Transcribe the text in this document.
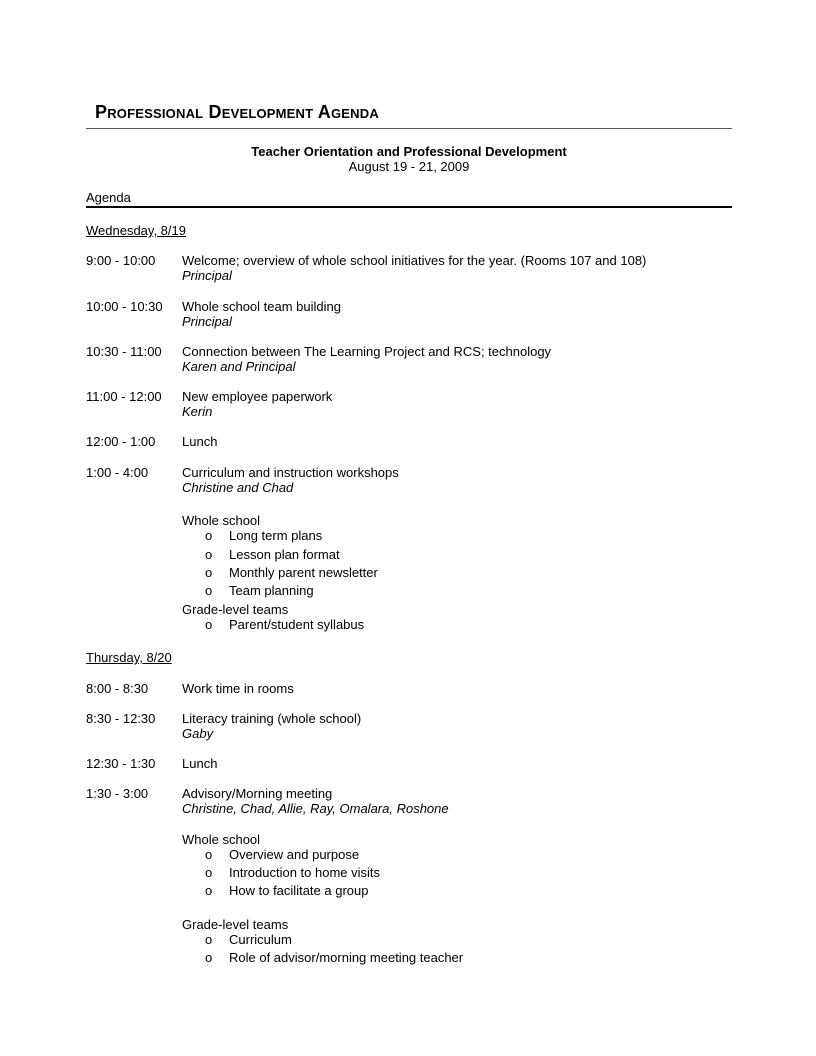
Professional Development Agenda
Teacher Orientation and Professional Development
August 19 - 21, 2009
Agenda
Wednesday, 8/19
9:00 - 10:00 Welcome; overview of whole school initiatives for the year. (Rooms 107 and 108)
Principal
10:00 - 10:30 Whole school team building
Principal
10:30 - 11:00 Connection between The Learning Project and RCS; technology
Karen and Principal
11:00 - 12:00 New employee paperwork
Kerin
12:00 - 1:00 Lunch
1:00 - 4:00	Curriculum and instruction workshops
Christine and Chad
Whole school
o Long term plans
o Lesson plan format
o Monthly parent newsletter
o Team planning
Grade-level teams
o Parent/student syllabus
Thursday, 8/20
8:00 - 8:30	Work time in rooms
8:30 - 12:30 Literacy training (whole school)
Gaby
12:30 - 1:30 Lunch
1:30 - 3:00	Advisory/Morning meeting
Christine, Chad, Allie, Ray, Omalara, Roshone
Whole school
o Overview and purpose
o Introduction to home visits
o How to facilitate a group
Grade-level teams
o Curriculum
o Role of advisor/morning meeting teacher
